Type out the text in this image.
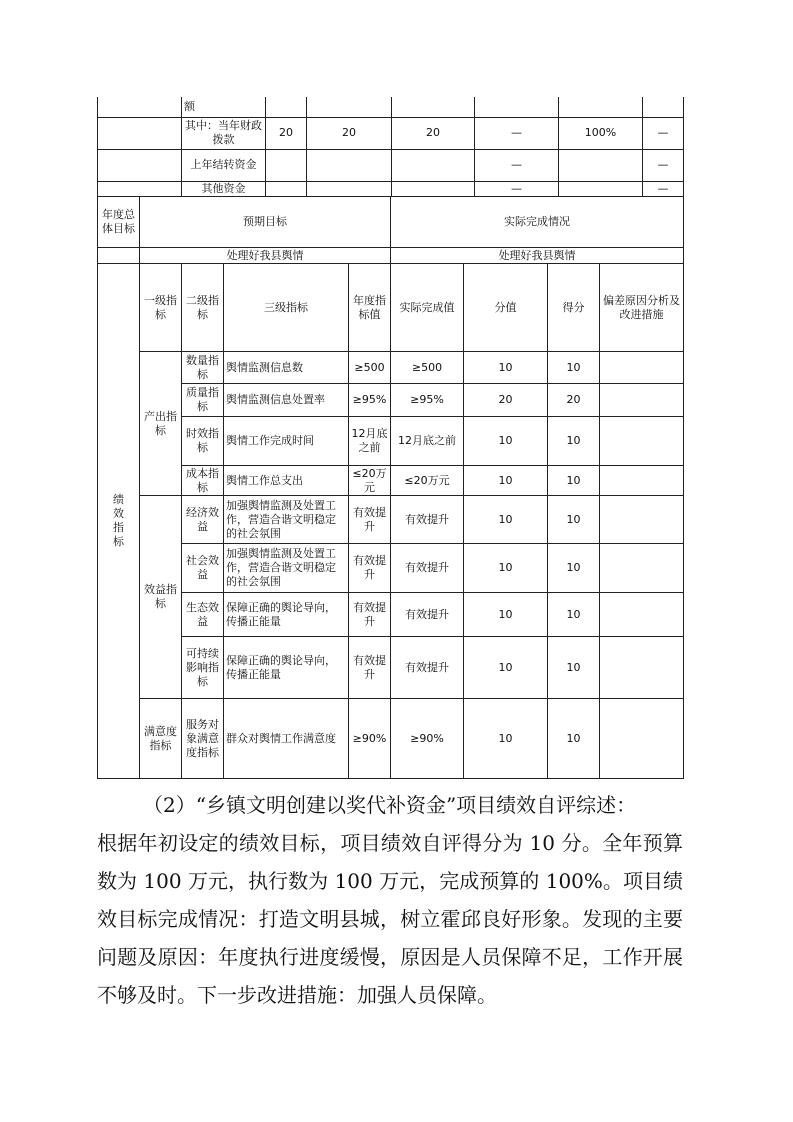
	额						
	其中：当年财政拨款	20	20	20	—	100%	—
	上年结转资金				—		—
	其他资金				—		—
年度总体目标	预期目标	实际完成情况
	处理好我县舆情	处理好我县舆情
绩效指标	一级指标	二级指标	三级指标	年度指标值	实际完成值	分值	得分	偏差原因分析及改进措施
	产出指标	数量指标	舆情监测信息数	≥500	≥500	10	10	
		质量指标	舆情监测信息处置率	≥95%	≥95%	20	20	
		时效指标	舆情工作完成时间	12月底之前	12月底之前	10	10	
		成本指标	舆情工作总支出	≤20万元	≤20万元	10	10	
	效益指标	经济效益	加强舆情监测及处置工作，营造合谐文明稳定的社会氛围	有效提升	有效提升	10	10	
		社会效益	加强舆情监测及处置工作，营造合谐文明稳定的社会氛围	有效提升	有效提升	10	10	
		生态效益	保障正确的舆论导向，传播正能量	有效提升	有效提升	10	10	
		可持续影响指标	保障正确的舆论导向，传播正能量	有效提升	有效提升	10	10	
	满意度指标	服务对象满意度指标	群众对舆情工作满意度	≥90%	≥90%	10	10	

（2）“乡镇文明创建以奖代补资金”项目绩效自评综述：

根据年初设定的绩效目标，项目绩效自评得分为 10 分。全年预算数为 100 万元，执行数为 100 万元，完成预算的 100%。项目绩效目标完成情况：打造文明县城，树立霍邱良好形象。发现的主要问题及原因：年度执行进度缓慢，原因是人员保障不足，工作开展不够及时。下一步改进措施：加强人员保障。
